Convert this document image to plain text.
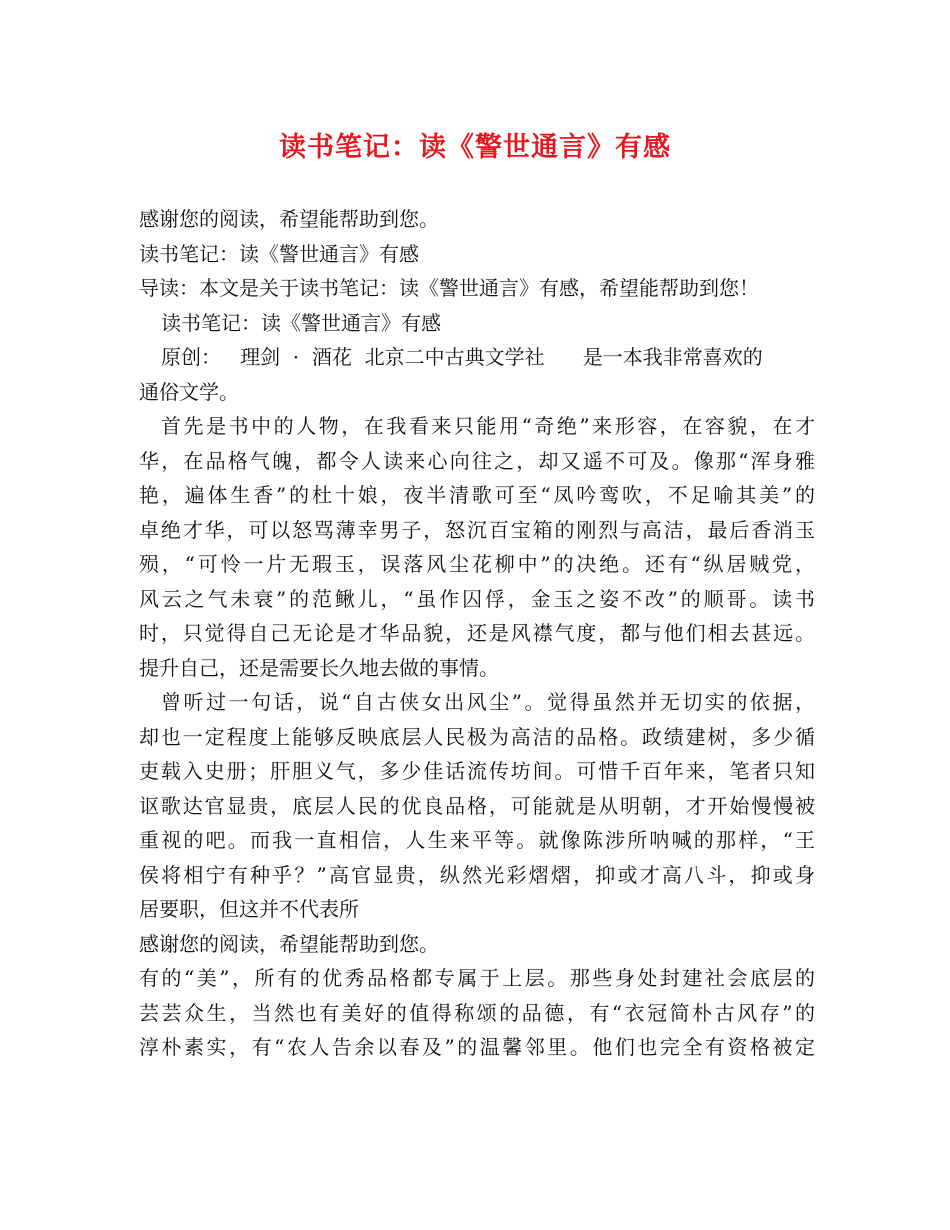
读书笔记：读《警世通言》有感
感谢您的阅读，希望能帮助到您。
读书笔记：读《警世通言》有感
导读：本文是关于读书笔记：读《警世通言》有感，希望能帮助到您！
读书笔记：读《警世通言》有感
原创：   理剑  ·  酒花  北京二中古典文学社      是一本我非常喜欢的
通俗文学。
首先是书中的人物，在我看来只能用“奇绝”来形容，在容貌，在才
华，在品格气魄，都令人读来心向往之，却又遥不可及。像那“浑身雅
艳，遍体生香”的杜十娘，夜半清歌可至“凤吟鸾吹，不足喻其美”的
卓绝才华，可以怒骂薄幸男子，怒沉百宝箱的刚烈与高洁，最后香消玉
殒，“可怜一片无瑕玉，误落风尘花柳中”的决绝。还有“纵居贼党，
风云之气未衰”的范鳅儿，“虽作囚俘，金玉之姿不改”的顺哥。读书
时，只觉得自己无论是才华品貌，还是风襟气度，都与他们相去甚远。
提升自己，还是需要长久地去做的事情。
曾听过一句话，说“自古侠女出风尘”。觉得虽然并无切实的依据，
却也一定程度上能够反映底层人民极为高洁的品格。政绩建树，多少循
吏载入史册；肝胆义气，多少佳话流传坊间。可惜千百年来，笔者只知
讴歌达官显贵，底层人民的优良品格，可能就是从明朝，才开始慢慢被
重视的吧。而我一直相信，人生来平等。就像陈涉所呐喊的那样，“王
侯将相宁有种乎？”高官显贵，纵然光彩熠熠，抑或才高八斗，抑或身
居要职，但这并不代表所
感谢您的阅读，希望能帮助到您。
有的“美”，所有的优秀品格都专属于上层。那些身处封建社会底层的
芸芸众生，当然也有美好的值得称颂的品德，有“衣冠简朴古风存”的
淳朴素实，有“农人告余以春及”的温馨邻里。他们也完全有资格被定
